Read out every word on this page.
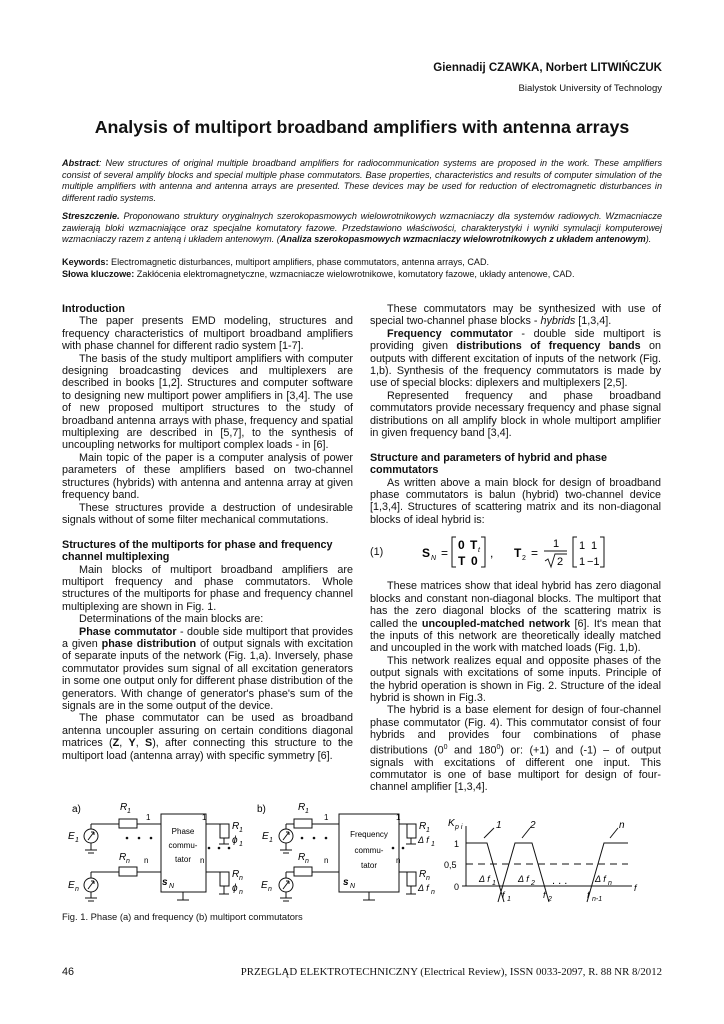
Giennadij CZAWKA, Norbert LITWIŃCZUK
Bialystok University of Technology
Analysis of multiport broadband amplifiers with antenna arrays
Abstract: New structures of original multiple broadband amplifiers for radiocommunication systems are proposed in the work. These amplifiers consist of several amplify blocks and special multiple phase commutators. Base properties, characteristics and results of computer simulation of the multiple amplifiers with antenna and antenna arrays are presented. These devices may be used for reduction of electromagnetic disturbances in different radio systems.
Streszczenie. Proponowano struktury oryginalnych szerokopasmowych wielowrotnikowych wzmacniaczy dla systemów radiowych. Wzmacniacze zawierają bloki wzmacniające oraz specjalne komutatory fazowe. Przedstawiono właściwości, charakterystyki i wyniki symulacji komputerowej wzmacniaczy razem z anteną i układem antenowym. (Analiza szerokopasmowych wzmacniaczy wielowrotnikowych z układem antenowym).
Keywords: Electromagnetic disturbances, multiport amplifiers, phase commutators, antenna arrays, CAD.
Słowa kluczowe: Zakłócenia elektromagnetyczne, wzmacniacze wielowrotnikowe, komutatory fazowe, układy antenowe, CAD.
Introduction

The paper presents EMD modeling, structures and frequency characteristics of multiport broadband amplifiers with phase channel for different radio system [1-7].

The basis of the study multiport amplifiers with computer designing broadcasting devices and multiplexers are described in books [1,2]. Structures and computer software to designing new multiport power amplifiers in [3,4]. The use of new proposed multiport structures to the study of broadband antenna arrays with phase, frequency and spatial multiplexing are described in [5,7], to the synthesis of uncoupling networks for multiport complex loads - in [6].

Main topic of the paper is a computer analysis of power parameters of these amplifiers based on two-channel structures (hybrids) with antenna and antenna array at given frequency band.

These structures provide a destruction of undesirable signals without of some filter mechanical commutations.

Structures of the multiports for phase and frequency channel multiplexing

Main blocks of multiport broadband amplifiers are multiport frequency and phase commutators. Whole structures of the multiports for phase and frequency channel multiplexing are shown in Fig. 1.

Determinations of the main blocks are:

Phase commutator - double side multiport that provides a given phase distribution of output signals with excitation of separate inputs of the network (Fig. 1,a). Inversely, phase commutator provides sum signal of all excitation generators in some one output only for different phase distribution of the generators. With change of generator's phase's sum of the signals are in the some output of the device.

The phase commutator can be used as broadband antenna uncoupler assuring on certain conditions diagonal matrices (Z, Y, S), after connecting this structure to the multiport load (antenna array) with specific symmetry [6].

These commutators may be synthesized with use of special two-channel phase blocks - hybrids [1,3,4].

Frequency commutator - double side multiport is providing given distributions of frequency bands on outputs with different excitation of inputs of the network (Fig. 1,b). Synthesis of the frequency commutators is made by use of special blocks: diplexers and multiplexers [2,5].

Represented frequency and phase broadband commutators provide necessary frequency and phase signal distributions on all amplify block in whole multiport amplifier in given frequency band [3,4].

Structure and parameters of hybrid and phase commutators

As written above a main block for design of broadband phase commutators is balun (hybrid) two-channel device [1,3,4]. Structures of scattering matrix and its non-diagonal blocks of ideal hybrid is:

(1)	S N =
0 T t
T 0
, T 2 =
1
2
1 1
1 −1

These matrices show that ideal hybrid has zero diagonal blocks and constant non-diagonal blocks. The multiport that has the zero diagonal blocks of the scattering matrix is called the uncoupled-matched network [6]. It's mean that the inputs of this network are theoretically ideally matched and uncoupled in the work with matched loads (Fig. 1,b).

This network realizes equal and opposite phases of the output signals with excitations of some inputs. Principle of the hybrid operation is shown in Fig. 2. Structure of the ideal hybrid is shown in Fig.3.

The hybrid is a base element for design of four-channel phase commutator (Fig. 4). This commutator consist of four hybrids and provides four combinations of phase distributions ($0^0$ and $180^0$) or: (+1) and (-1) – of output signals with excitations of different one input. This commutator is one of base multiport for design of four-channel amplifier [1,3,4].

a)	R 1
1	1
E 1
R n n	n
E n
Phase
commu-
tator
s N
R 1
ϕ 1
R n
ϕ n
b)	R 1
1	1
E 1
R n n	n
E n
Frequency
commu-
tator
s N
R 1
Δ f 1
R n
Δ f n
K p i
1
0,5
0
1	2	n
Δ f 1 Δ f 2 . . .	Δ f n f
f 1	f 2	f n-1
Fig. 1. Phase (a) and frequency (b) multiport commutators
46	PRZEGLĄD ELEKTROTECHNICZNY (Electrical Review), ISSN 0033-2097, R. 88 NR 8/2012
